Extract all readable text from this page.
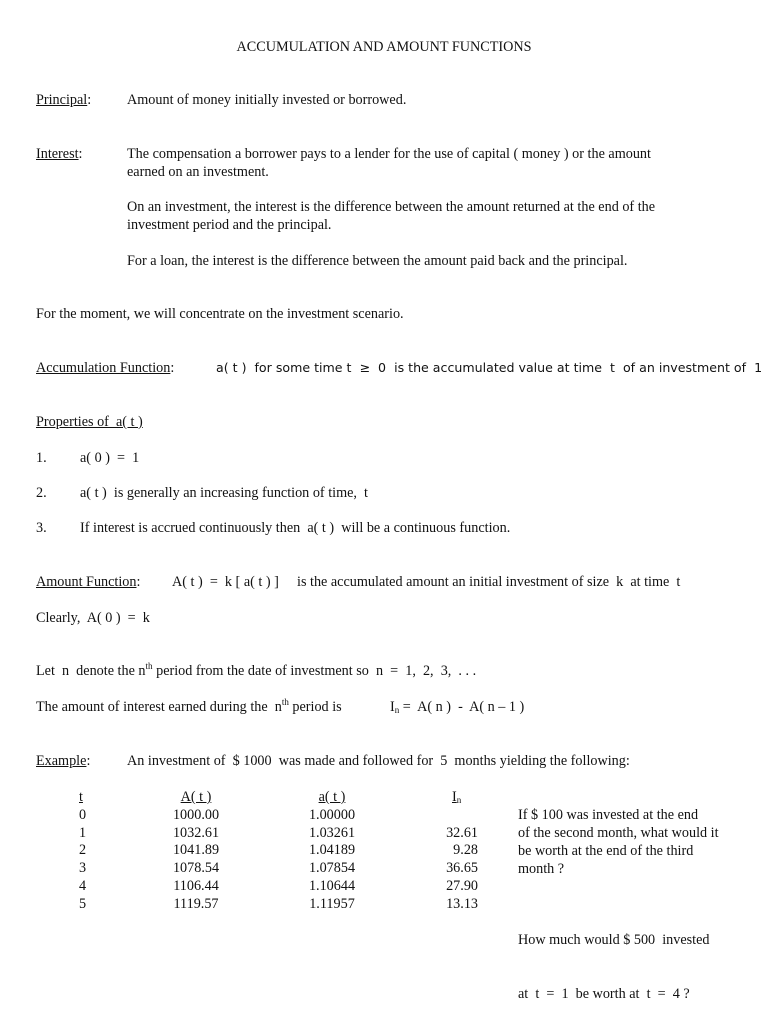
ACCUMULATION AND AMOUNT FUNCTIONS
Principal:	Amount of money initially invested or borrowed.
Interest:	The compensation a borrower pays to a lender for the use of capital ( money ) or the amount
earned on an investment.
On an investment, the interest is the difference between the amount returned at the end of the
investment period and the principal.
For a loan, the interest is the difference between the amount paid back and the principal.
For the moment, we will concentrate on the investment scenario.
Accumulation Function:	a( t )  for some time t  ≥  0  is the accumulated value at time  t  of an investment of  1
Properties of  a( t )
1. a( 0 )  =  1
2. a( t )  is generally an increasing function of time,  t
3. If interest is accrued continuously then  a( t )  will be a continuous function.
Amount Function: A( t )  =  k [ a( t ) ] is the accumulated amount an initial investment of size  k  at time  t
Clearly,  A( 0 )  =  k
Let  n  denote the $n^{th}$ period from the date of investment so  n  =  1,  2,  3,  . . .
The amount of interest earned during the  $n^{th}$ period is	$I_n = A$( n )  -  A( n – 1 )
Example:	An investment of  $ 1000  was made and followed for  5  months yielding the following:
t	A( t )	a( t )	$I_n$
0	1000.00	1.00000
1	1032.61	1.03261	32.61
2	1041.89	1.04189	9.28
3	1078.54	1.07854	36.65
4	1106.44	1.10644	27.90
5	1119.57	1.11957	13.13
If $ 100 was invested at the end
of the second month, what would it
be worth at the end of the third
month ?

How much would $ 500  invested

at  t  =  1  be worth at  t  =  4 ?
